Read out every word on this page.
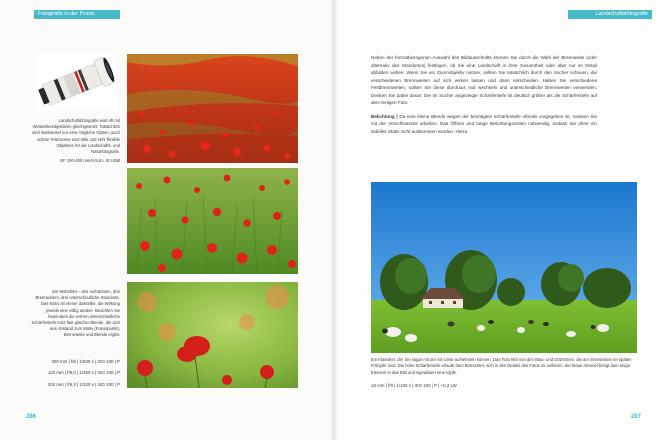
Fotografie in der Praxis	Landschaftsfotografie
Landschaftsfotografie wird oft mit Weitwinkelobjektiven gleichgesetzt. Tatsächlich sind Weitwinkel nur eine mögliche Option, auch solche Telezoome sind tolle und sehr flexible Objektive für die Landschafts- und Naturfotografie.
EF 100-400 mm/4-5,6 L IS USM
Ein Mohnfeld – drei Aufnahmen, drei Brennweiten, drei unterschiedliche Standorte. Das Motiv ist immer dasselbe, die Wirkung jeweils eine völlig andere. Beachten Sie besonders die extrem unterschiedliche Schärfentiefe trotz fast gleicher Blende, die sich aus Abstand zum Motiv (Fokuspunkt), Brennweite und Blende ergibt.
300 mm | f/8 | 1/500 s | ISO 100 | P
120 mm | f/9,0 | 1/250 s | ISO 100 | P
200 mm | f/6,3 | 1/320 s | ISO 100 | P
286

Neben der formatbezogenen Auswahl des Bildausschnitts können Sie durch die Wahl der Brennweite (oder alternativ des Standortes) festlegen, ob Sie eine Landschaft in ihrer Gesamtheit oder aber nur im Detail abbilden wollen. Wenn Sie ein Zoomobjektiv nutzen, sollten Sie tatsächlich durch den Sucher schauen, die verschiedenen Brennweiten auf sich wirken lassen und dann entscheiden. Haben Sie verschiedene Festbrennweiten, sollten Sie diese durchaus mal wechseln und unterschiedliche Brennweiten verwenden. Denken Sie dabei daran: Die im Sucher angezeigte Schärfentiefe ist deutlich größer als die Schärfentiefe auf dem fertigen Foto.

Belichtung | Da eine kleine Blende wegen der benötigten Schärfentiefe oftmals vorgegeben ist, müssen Sie mit der Verschlusszeit arbeiten. Das Öffnen und lange Belichtungszeiten notwendig, sodass Sie ohne ein stabiles Stativ nicht auskommen werden. Hinzu

Ein Klassiker, der Sie sogar mit der Kit-Linse aufnehmen können. Das Foto lebt von den Blau- und Grüntönen, die am intensivsten im späten Frühjahr sind. Die hohe Schärfentiefe erlaubt dem Betrachter, sich in den Details des Fotos zu verlieren, der blaue Himmel bringt das ruhige Element in das Bild und signalisiert eine Idylle.
18 mm | f/8 | 1/100 s | ISO 100 | P | +0,3 LW
287
